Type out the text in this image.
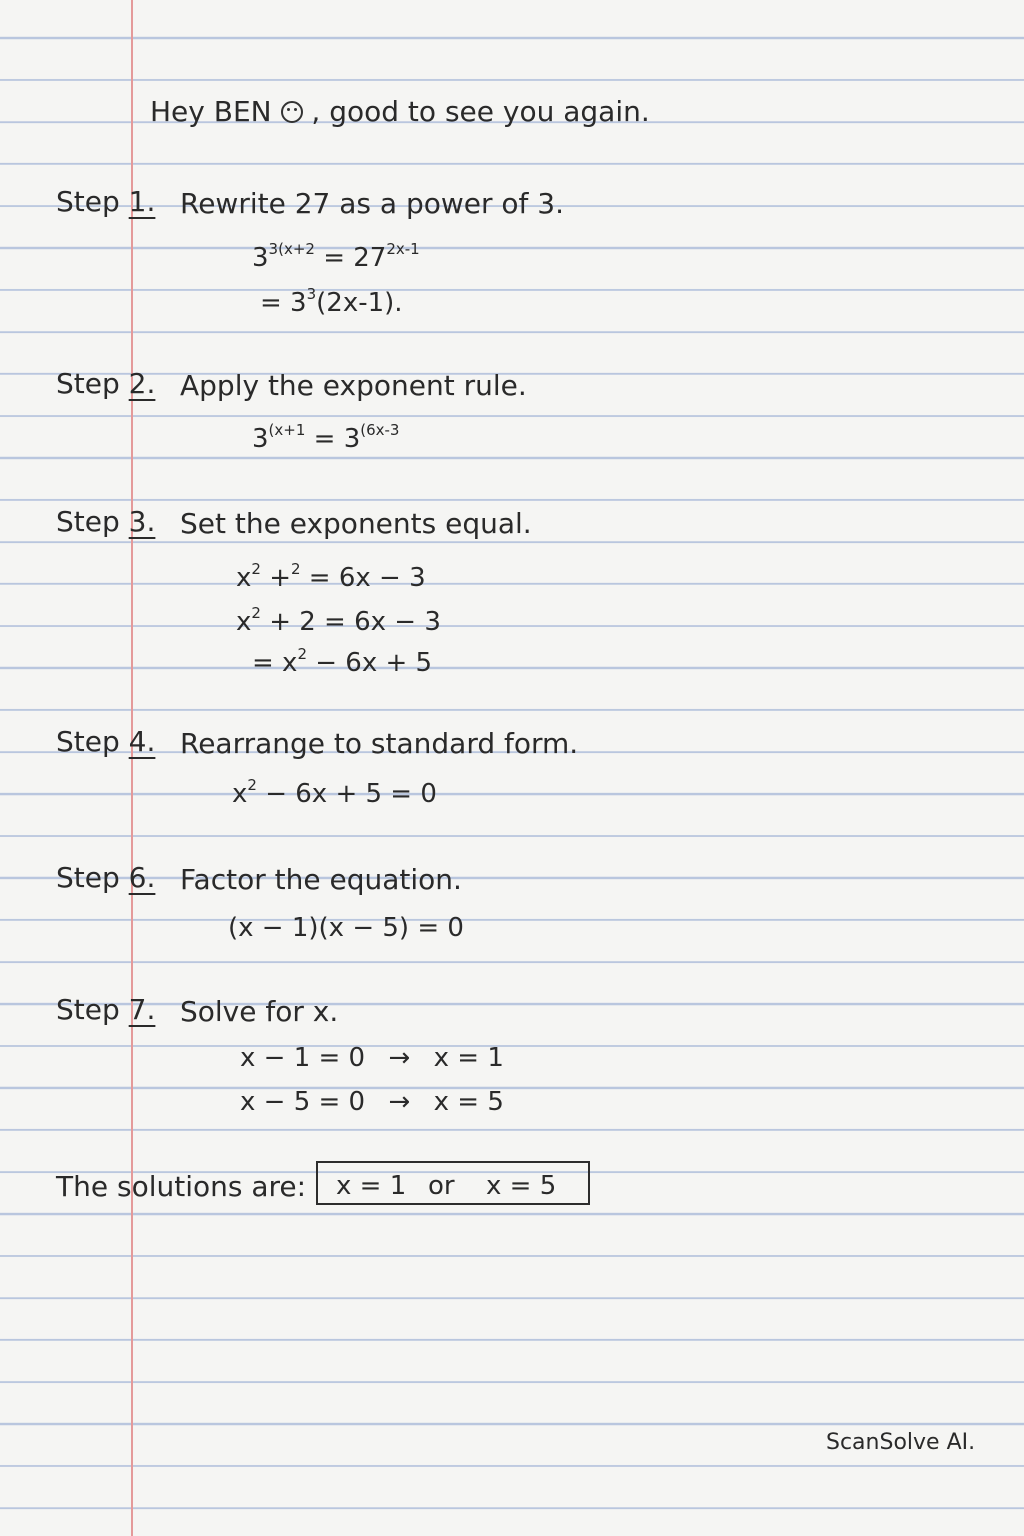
Hey BEN , good to see you again.
Step 1. Rewrite 27 as a power of 3.
$3^{3(x+2} = 27^{2x-1}$
= $3^3(2x-1)$.
Step 2. Apply the exponent rule.
$3^{(x+1} = 3^{(6x-3}$
Step 3. Set the exponents equal.
$x^2 +^2 = 6x - 3$
$x^2 + 2 = 6x - 3$
= $x^2 - 6x + 5$
Step 4. Rearrange to standard form.
$x^2 - 6x + 5 = 0$
Step 6. Factor the equation.
(x − 1)(x − 5) = 0
Step 7. Solve for x.
x − 1 = 0 → x = 1
x − 5 = 0 → x = 5
The solutions are: x = 1 or x = 5
ScanSolve AI.
